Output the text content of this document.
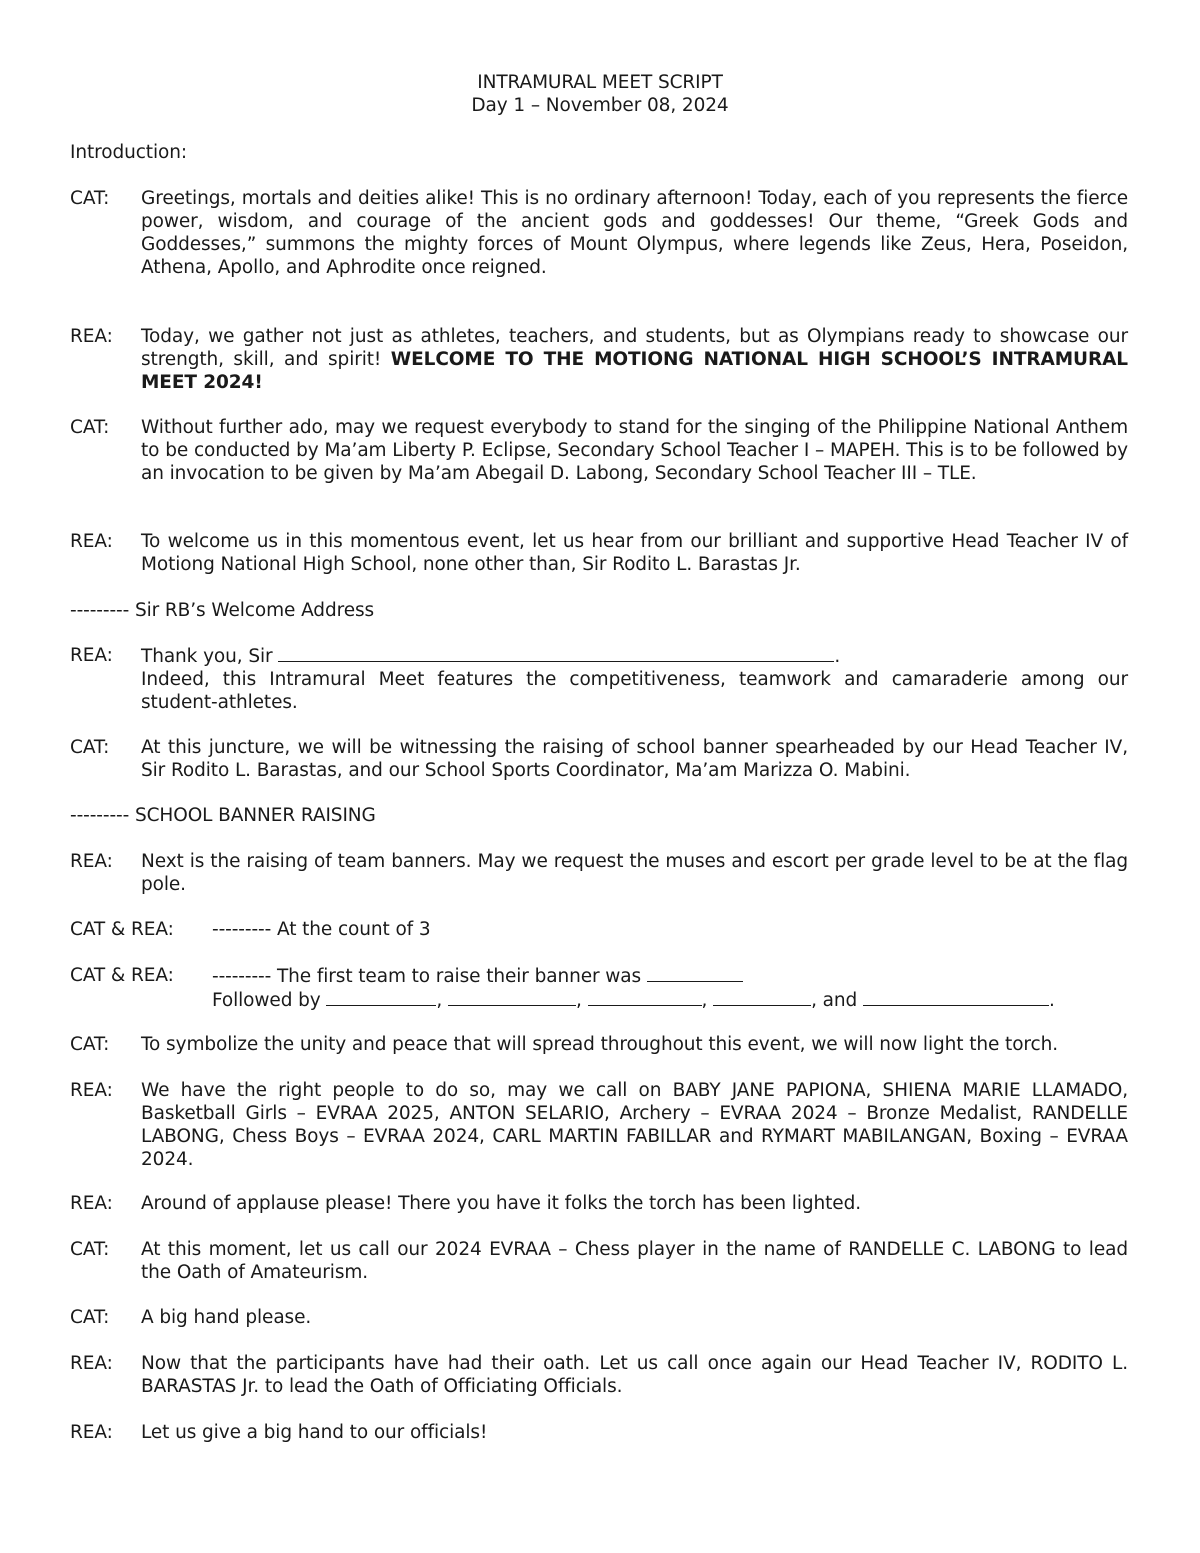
INTRAMURAL MEET SCRIPT
Day 1 – November 08, 2024
Introduction:
CAT:	Greetings, mortals and deities alike! This is no ordinary afternoon! Today, each of you represents the fierce power, wisdom, and courage of the ancient gods and goddesses! Our theme, “Greek Gods and Goddesses,” summons the mighty forces of Mount Olympus, where legends like Zeus, Hera, Poseidon, Athena, Apollo, and Aphrodite once reigned.
REA:	Today, we gather not just as athletes, teachers, and students, but as Olympians ready to showcase our strength, skill, and spirit! WELCOME TO THE MOTIONG NATIONAL HIGH SCHOOL’S INTRAMURAL MEET 2024!
CAT:	Without further ado, may we request everybody to stand for the singing of the Philippine National Anthem to be conducted by Ma’am Liberty P. Eclipse, Secondary School Teacher I – MAPEH. This is to be followed by an invocation to be given by Ma’am Abegail D. Labong, Secondary School Teacher III – TLE.
REA:	To welcome us in this momentous event, let us hear from our brilliant and supportive Head Teacher IV of Motiong National High School, none other than, Sir Rodito L. Barastas Jr.
--------- Sir RB’s Welcome Address
REA:	Thank you, Sir	.
Indeed, this Intramural Meet features the competitiveness, teamwork and camaraderie among our student-athletes.
CAT:	At this juncture, we will be witnessing the raising of school banner spearheaded by our Head Teacher IV, Sir Rodito L. Barastas, and our School Sports Coordinator, Ma’am Marizza O. Mabini.
--------- SCHOOL BANNER RAISING
REA:	Next is the raising of team banners. May we request the muses and escort per grade level to be at the flag pole.
CAT & REA:	--------- At the count of 3
CAT & REA:	--------- The first team to raise their banner was
Followed by	,	,	,	, and	.
CAT:	To symbolize the unity and peace that will spread throughout this event, we will now light the torch.
REA:	We have the right people to do so, may we call on BABY JANE PAPIONA, SHIENA MARIE LLAMADO, Basketball Girls – EVRAA 2025, ANTON SELARIO, Archery – EVRAA 2024 – Bronze Medalist, RANDELLE LABONG, Chess Boys – EVRAA 2024, CARL MARTIN FABILLAR and RYMART MABILANGAN, Boxing – EVRAA 2024.
REA:	Around of applause please! There you have it folks the torch has been lighted.
CAT:	At this moment, let us call our 2024 EVRAA – Chess player in the name of RANDELLE C. LABONG to lead the Oath of Amateurism.
CAT:	A big hand please.
REA:	Now that the participants have had their oath. Let us call once again our Head Teacher IV, RODITO L. BARASTAS Jr. to lead the Oath of Officiating Officials.
REA:	Let us give a big hand to our officials!
